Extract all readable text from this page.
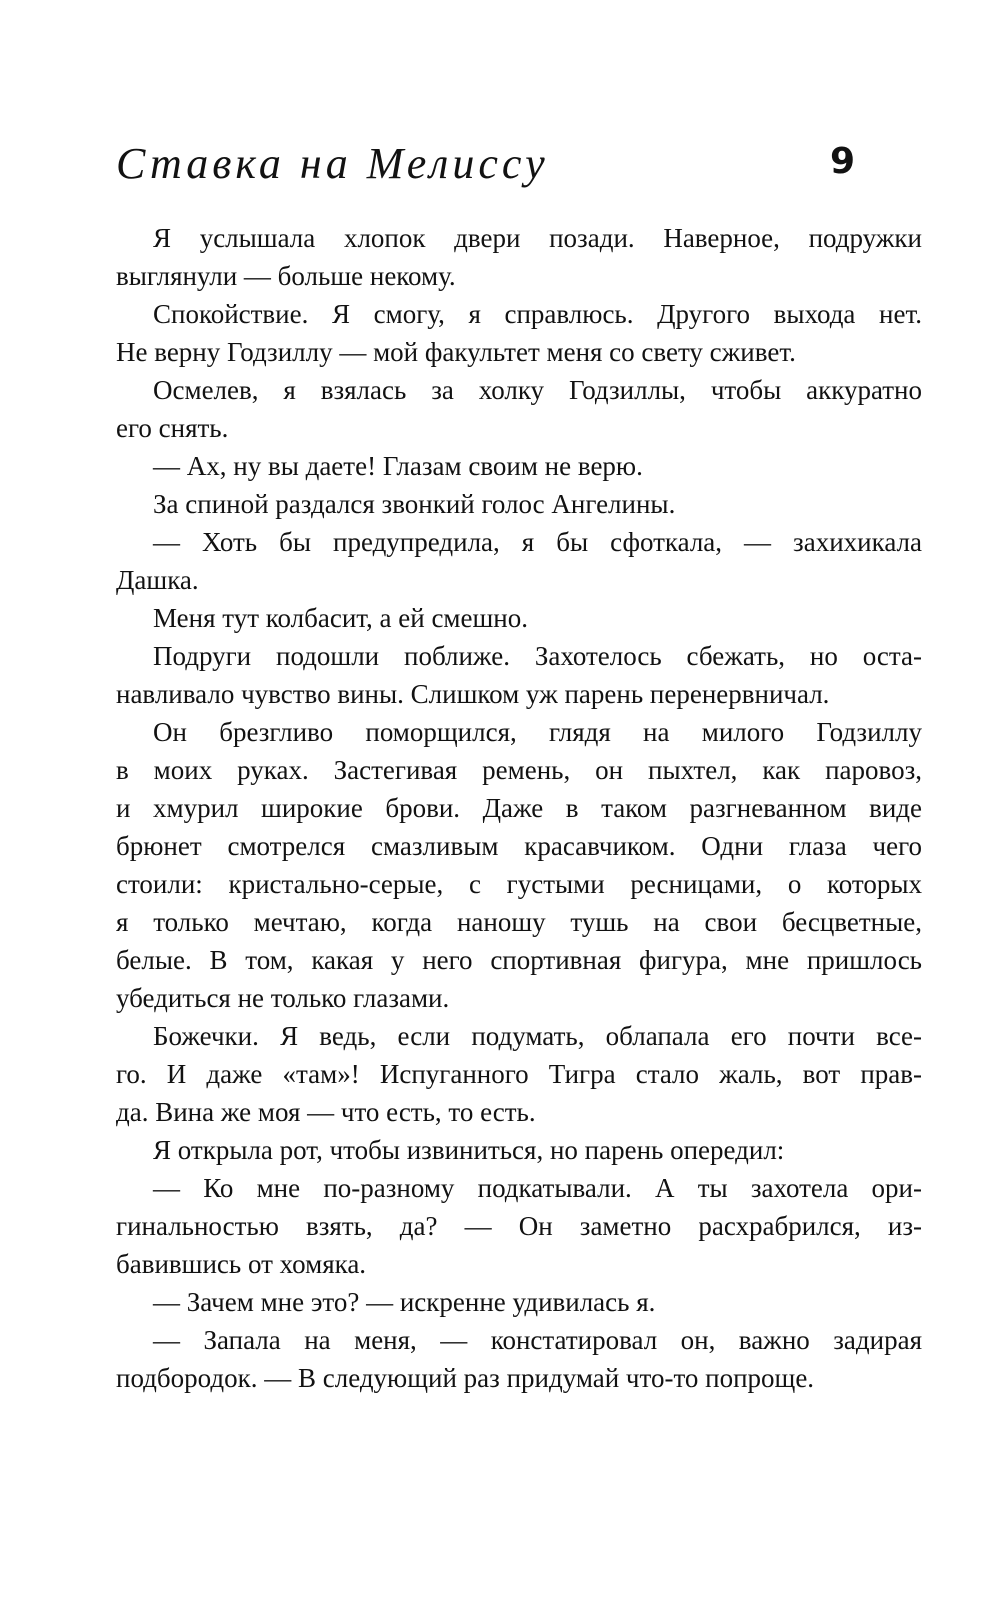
Ставка на Мелиссу	9

Я услышала хлопок двери позади. Наверное, подружки
выглянули — больше некому.

Спокойствие. Я смогу, я справлюсь. Другого выхода нет.
Не верну Годзиллу — мой факультет меня со свету сживет.

Осмелев, я взялась за холку Годзиллы, чтобы аккуратно
его снять.

— Ах, ну вы даете! Глазам своим не верю.

За спиной раздался звонкий голос Ангелины.

— Хоть бы предупредила, я бы сфоткала, — захихикала
Дашка.

Меня тут колбасит, а ей смешно.

Подруги подошли поближе. Захотелось сбежать, но оста-
навливало чувство вины. Слишком уж парень перенервничал.

Он брезгливо поморщился, глядя на милого Годзиллу
в моих руках. Застегивая ремень, он пыхтел, как паровоз,
и хмурил широкие брови. Даже в таком разгневанном виде
брюнет смотрелся смазливым красавчиком. Одни глаза чего
стоили: кристально-серые, с густыми ресницами, о которых
я только мечтаю, когда наношу тушь на свои бесцветные,
белые. В том, какая у него спортивная фигура, мне пришлось
убедиться не только глазами.

Божечки. Я ведь, если подумать, облапала его почти все-
го. И даже «там»! Испуганного Тигра стало жаль, вот прав-
да. Вина же моя — что есть, то есть.

Я открыла рот, чтобы извиниться, но парень опередил:

— Ко мне по-разному подкатывали. А ты захотела ори-
гинальностью взять, да? — Он заметно расхрабрился, из-
бавившись от хомяка.

— Зачем мне это? — искренне удивилась я.

— Запала на меня, — констатировал он, важно задирая
подбородок. — В следующий раз придумай что-то попроще.
